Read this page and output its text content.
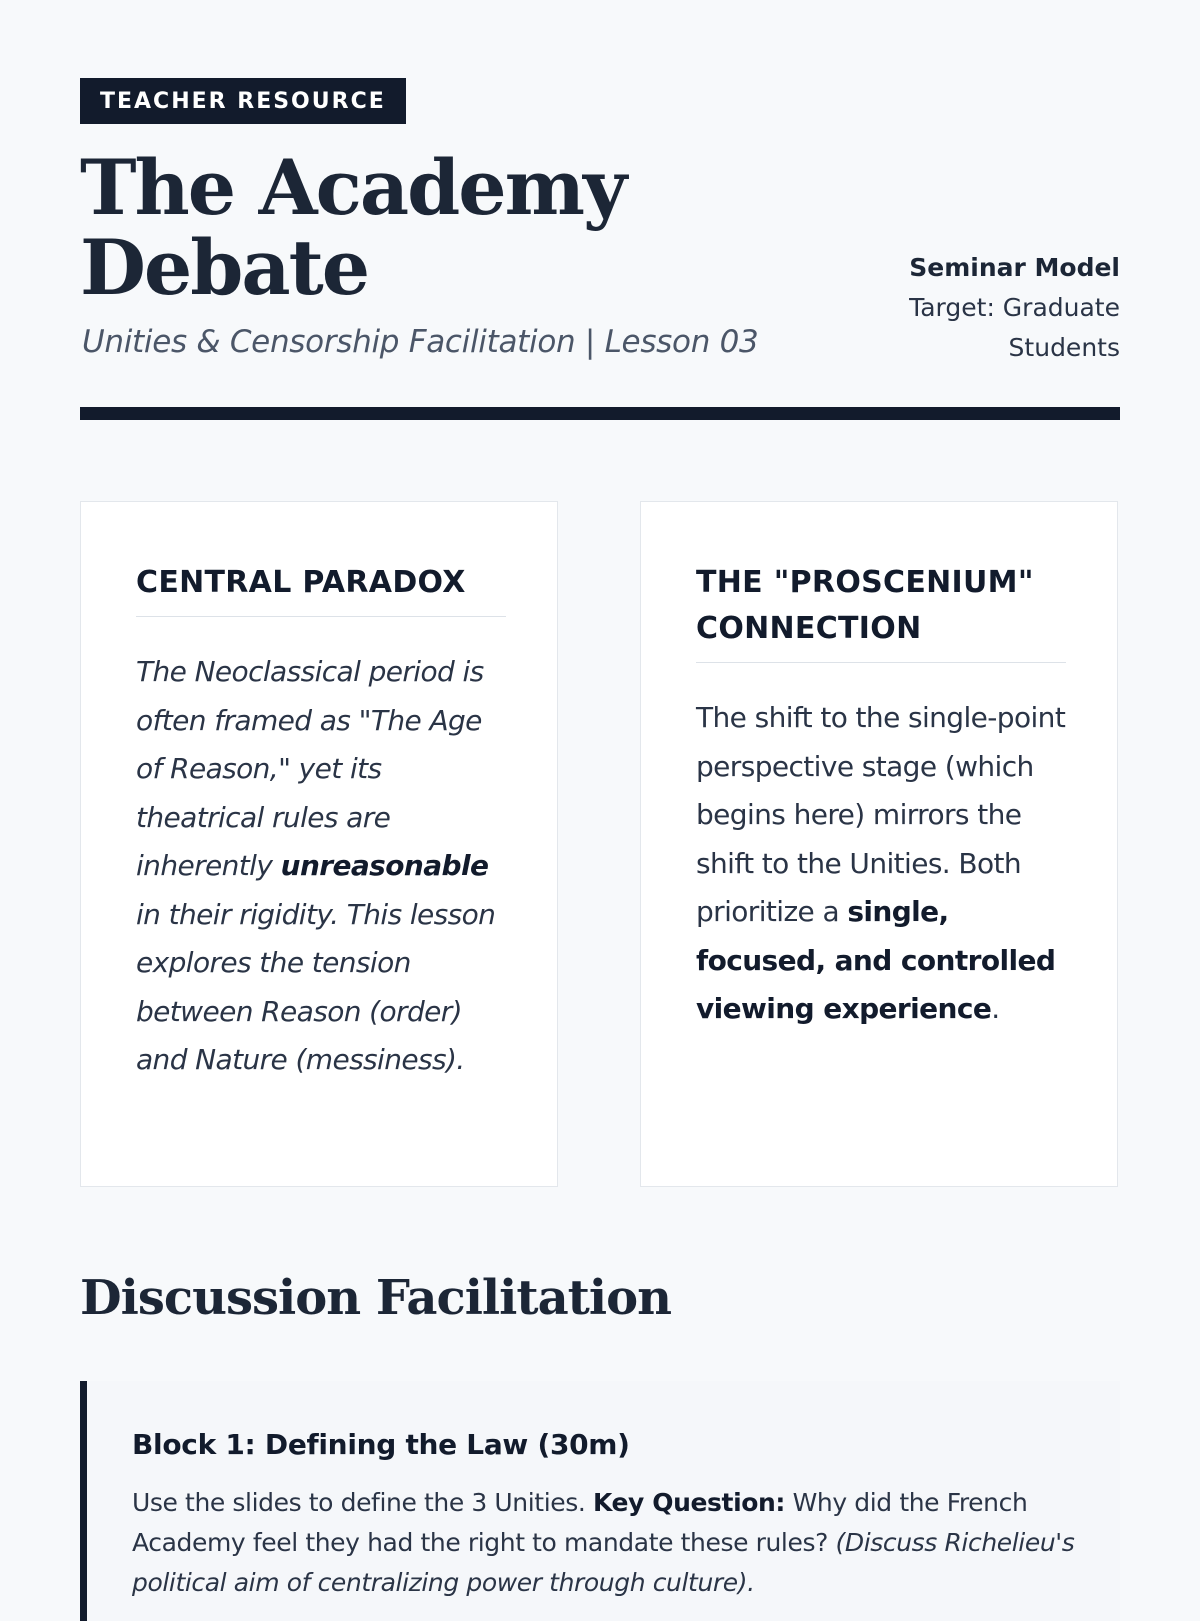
TEACHER RESOURCE
The Academy
Debate
Unities & Censorship Facilitation | Lesson 03
Seminar Model
Target: Graduate
Students
CENTRAL PARADOX
The Neoclassical period is often framed as "The Age of Reason," yet its theatrical rules are inherently unreasonable in their rigidity. This lesson explores the tension between Reason (order) and Nature (messiness).
THE "PROSCENIUM"
CONNECTION
The shift to the single-point perspective stage (which begins here) mirrors the shift to the Unities. Both prioritize a single, focused, and controlled viewing experience.
Discussion Facilitation
Block 1: Defining the Law (30m)
Use the slides to define the 3 Unities. Key Question: Why did the French Academy feel they had the right to mandate these rules? (Discuss Richelieu's political aim of centralizing power through culture).
